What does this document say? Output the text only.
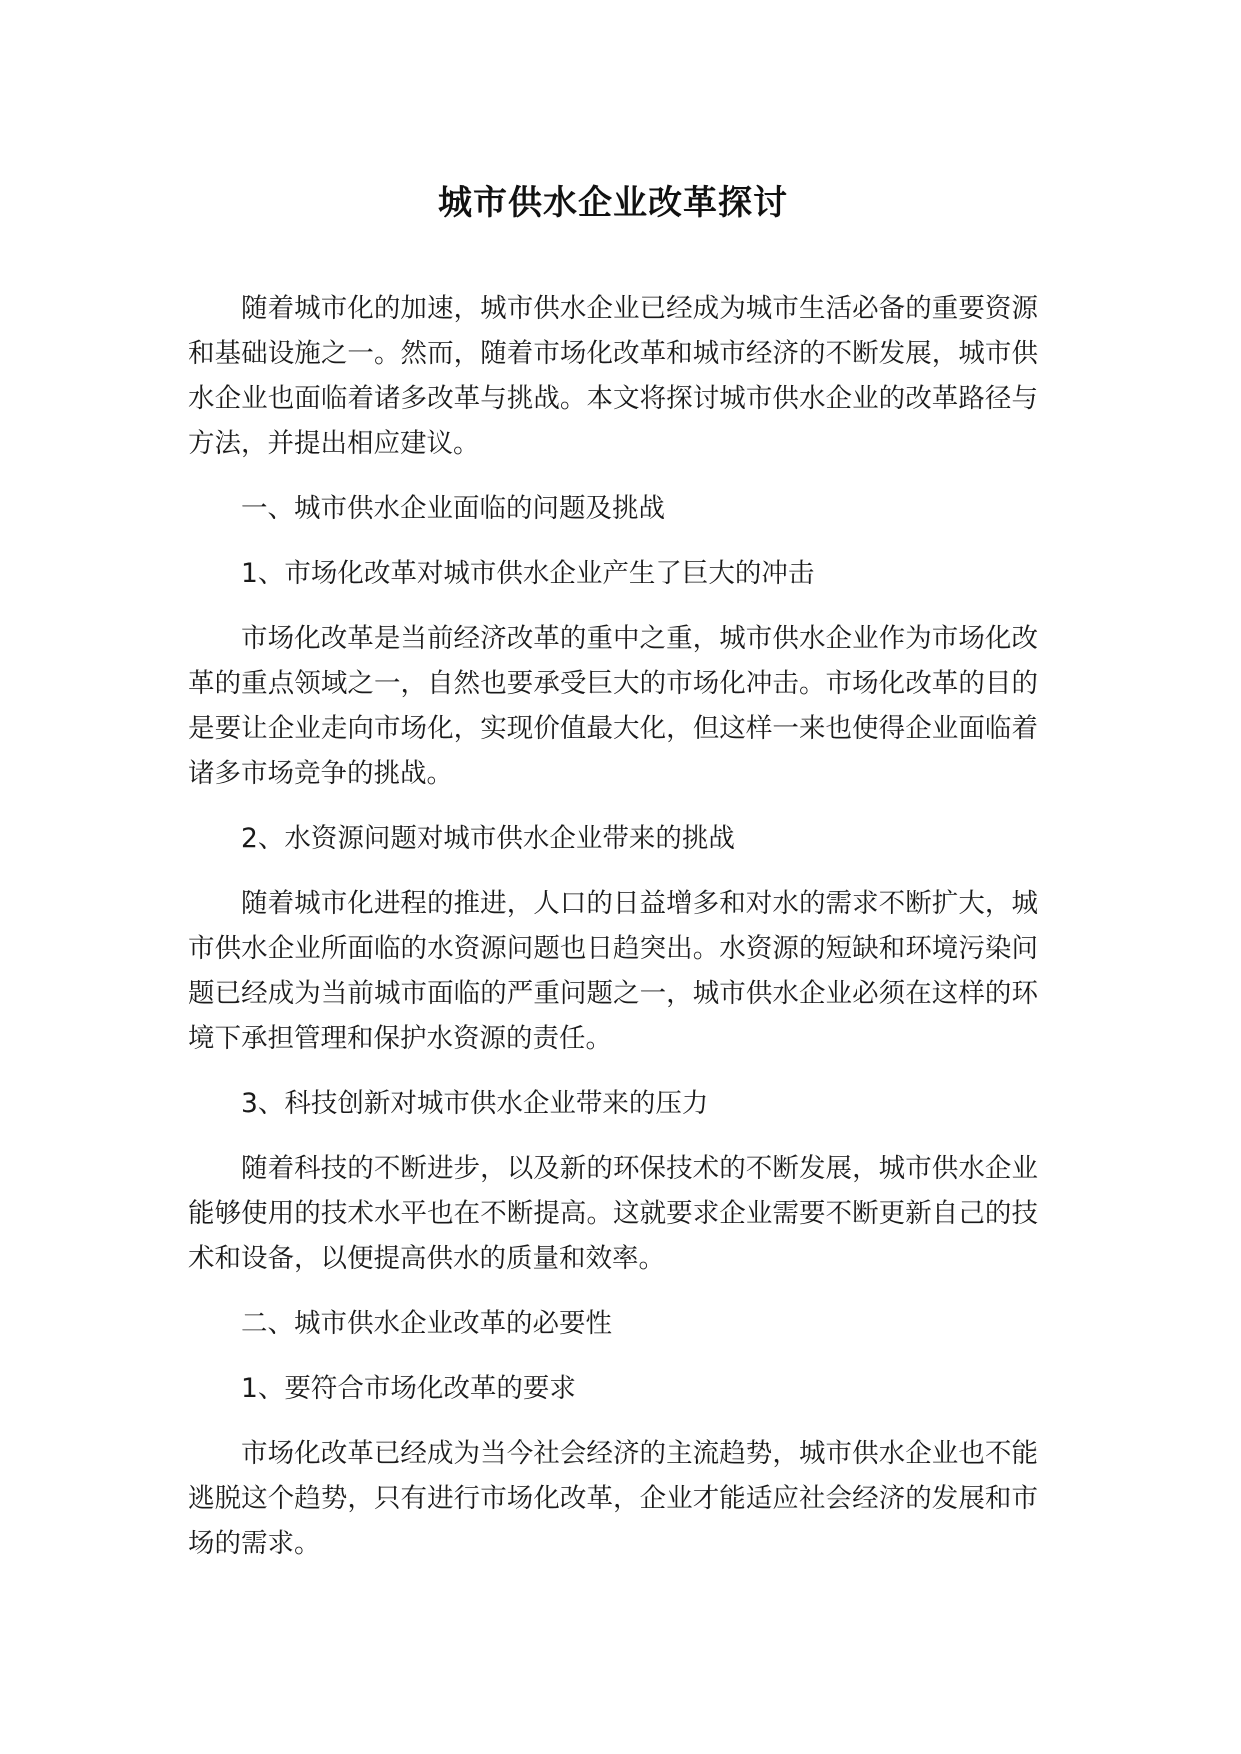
城市供水企业改革探讨

随着城市化的加速，城市供水企业已经成为城市生活必备的重要资源和基础设施之一。然而，随着市场化改革和城市经济的不断发展，城市供水企业也面临着诸多改革与挑战。本文将探讨城市供水企业的改革路径与方法，并提出相应建议。

一、城市供水企业面临的问题及挑战

1、市场化改革对城市供水企业产生了巨大的冲击

市场化改革是当前经济改革的重中之重，城市供水企业作为市场化改革的重点领域之一，自然也要承受巨大的市场化冲击。市场化改革的目的是要让企业走向市场化，实现价值最大化，但这样一来也使得企业面临着诸多市场竞争的挑战。

2、水资源问题对城市供水企业带来的挑战

随着城市化进程的推进，人口的日益增多和对水的需求不断扩大，城市供水企业所面临的水资源问题也日趋突出。水资源的短缺和环境污染问题已经成为当前城市面临的严重问题之一，城市供水企业必须在这样的环境下承担管理和保护水资源的责任。

3、科技创新对城市供水企业带来的压力

随着科技的不断进步，以及新的环保技术的不断发展，城市供水企业能够使用的技术水平也在不断提高。这就要求企业需要不断更新自己的技术和设备，以便提高供水的质量和效率。

二、城市供水企业改革的必要性

1、要符合市场化改革的要求

市场化改革已经成为当今社会经济的主流趋势，城市供水企业也不能逃脱这个趋势，只有进行市场化改革，企业才能适应社会经济的发展和市场的需求。
